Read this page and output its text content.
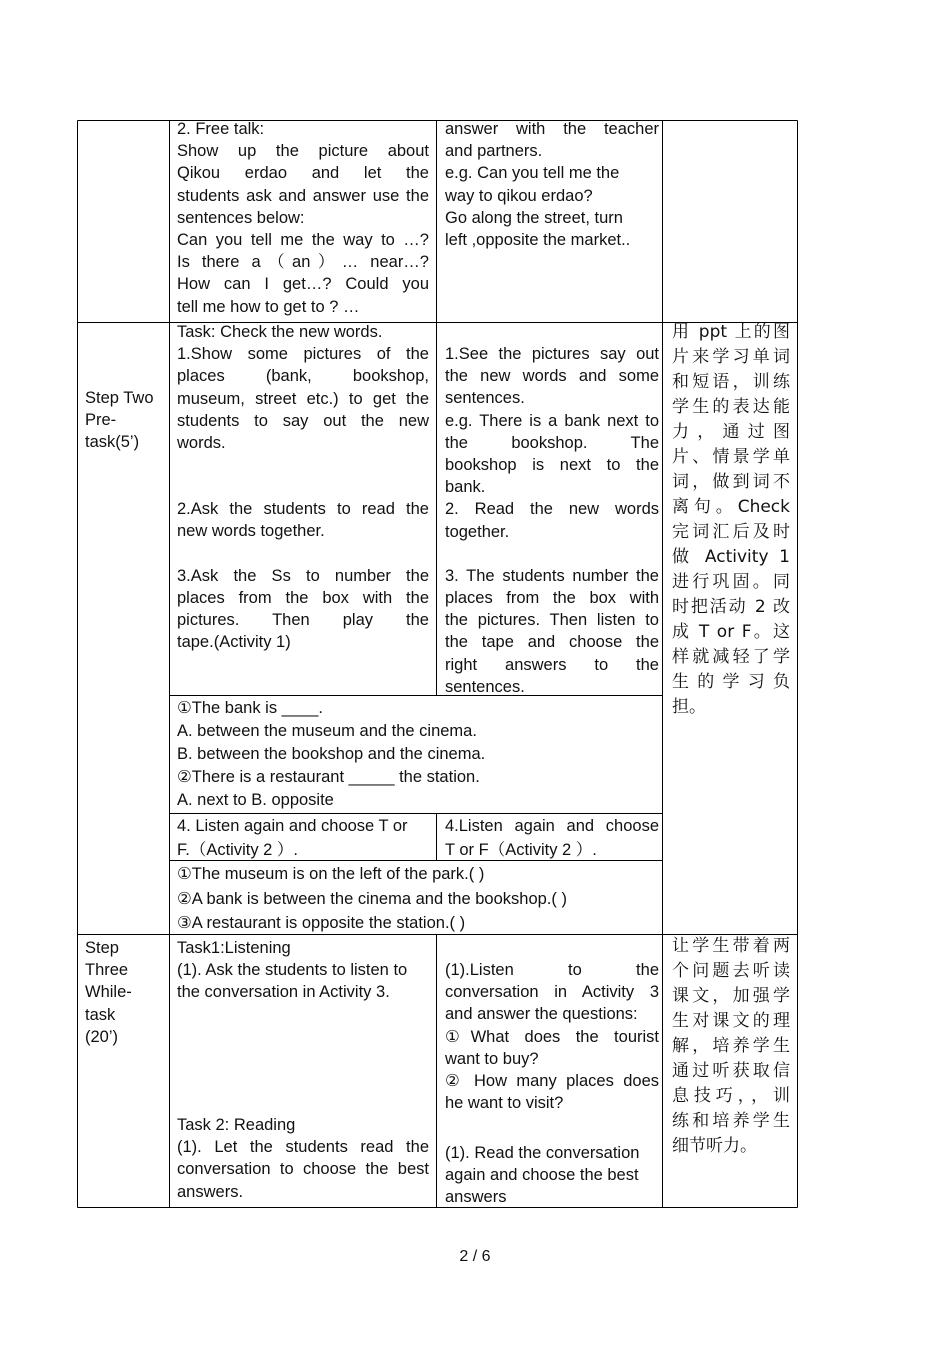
2. Free talk:
Show up the picture about
Qikou erdao and let the
students ask and answer use the
sentences below:
Can you tell me the way to …?
Is there a（an）… near…?
How can I get…? Could you
tell me how to get to ? …
answer with the teacher
and partners.
e.g. Can you tell me the
way to qikou erdao?
Go along the street, turn
left ,opposite the market..
Step Two
Pre-
task(5’)
Task: Check the new words.
1.Show some pictures of the
places (bank, bookshop,
museum, street etc.) to get the
students to say out the new
words.
2.Ask the students to read the
new words together.
3.Ask the Ss to number the
places from the box with the
pictures. Then play the
tape.(Activity 1)
1.See the pictures say out
the new words and some
sentences.
e.g. There is a bank next to
the bookshop. The
bookshop is next to the
bank.
2. Read the new words
together.
3. The students number the
places from the box with
the pictures. Then listen to
the tape and choose the
right answers to the
sentences.
用 ppt 上的图
片来学习单词
和短语，训练
学生的表达能
力，通过图
片、情景学单
词，做到词不
离句。Check
完词汇后及时
做 Activity 1
进行巩固。同
时把活动 2 改
成 T or F。这
样就减轻了学
生的学习负
担。
①The bank is ____.
A. between the museum and the cinema.
B. between the bookshop and the cinema.
②There is a restaurant _____ the station.
A. next to B. opposite
4. Listen again and choose T or
F.（Activity 2 ）.
4.Listen again and choose
T or F（Activity 2 ）.
①The museum is on the left of the park.( )
②A bank is between the cinema and the bookshop.( )
③A restaurant is opposite the station.( )
Step
Three
While-
task
(20’)
Task1:Listening
(1). Ask the students to listen to
the conversation in Activity 3.
Task 2: Reading
(1). Let the students read the
conversation to choose the best
answers.
(1).Listen to the
conversation in Activity 3
and answer the questions:
①What does the tourist
want to buy?
② How many places does
he want to visit?
(1). Read the conversation
again and choose the best
answers
让学生带着两
个问题去听读
课文，加强学
生对课文的理
解，培养学生
通过听获取信
息技巧，，训
练和培养学生
细节听力。
2 / 6
